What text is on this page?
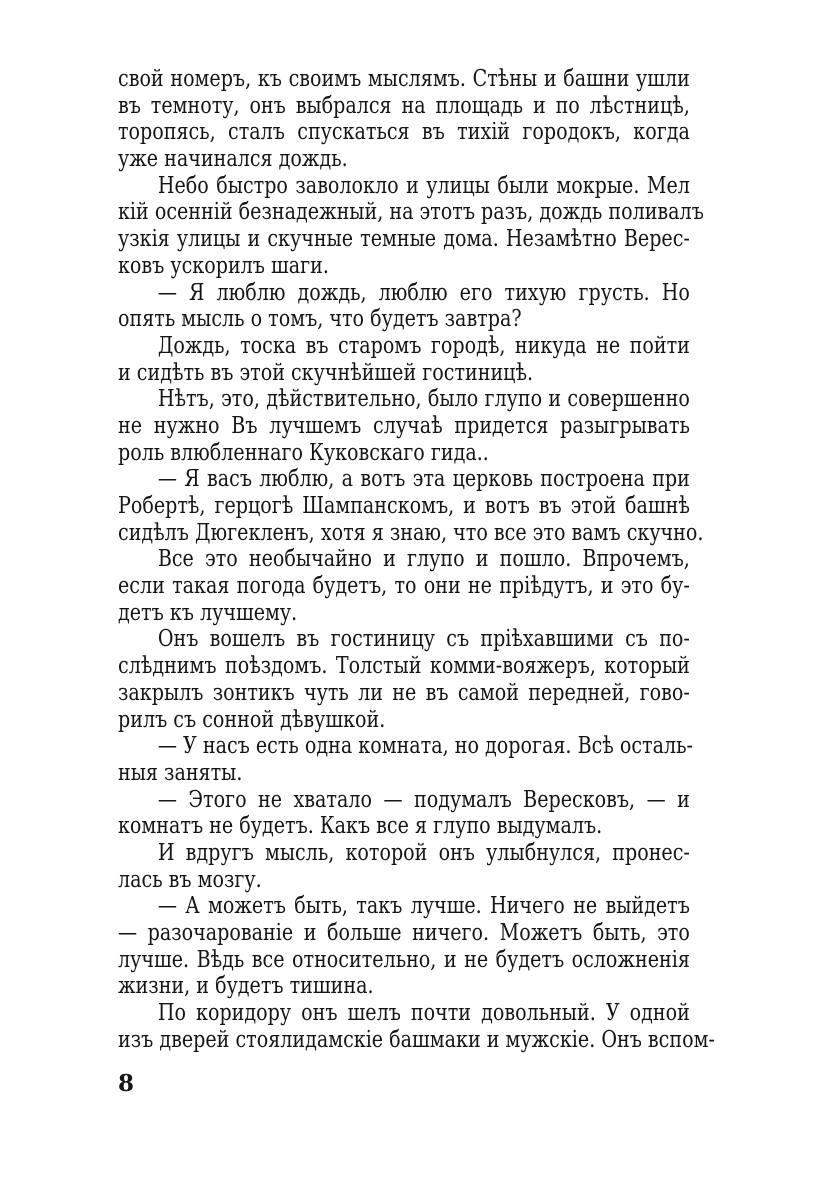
свой номеръ, къ своимъ мыслямъ. Стѣны и башни ушли
въ темноту, онъ выбрался на площадь и по лѣстницѣ,
торопясь, сталъ спускаться въ тихій городокъ, когда
уже начинался дождь.
Небо быстро заволокло и улицы были мокрые. Мел
кій осенній безнадежный, на этотъ разъ, дождь поливалъ
узкія улицы и скучные темные дома. Незамѣтно Верес-
ковъ ускорилъ шаги.
— Я люблю дождь, люблю его тихую грусть. Но
опять мысль о томъ, что будетъ завтра?
Дождь, тоска въ старомъ городѣ, никуда не пойти
и сидѣть въ этой скучнѣйшей гостиницѣ.
Нѣтъ, это, дѣйствительно, было глупо и совершенно
не нужно Въ лучшемъ случаѣ придется разыгрывать
роль влюбленнаго Куковскаго гида..
— Я васъ люблю, а вотъ эта церковь построена при
Робертѣ, герцогѣ Шампанскомъ, и вотъ въ этой башнѣ
сидѣлъ Дюгекленъ, хотя я знаю, что все это вамъ скучно.
Все это необычайно и глупо и пошло. Впрочемъ,
если такая погода будетъ, то они не пріѣдутъ, и это бу-
детъ къ лучшему.
Онъ вошелъ въ гостиницу съ пріѣхавшими съ по-
слѣднимъ поѣздомъ. Толстый комми-вояжеръ, который
закрылъ зонтикъ чуть ли не въ самой передней, гово-
рилъ съ сонной дѣвушкой.
— У насъ есть одна комната, но дорогая. Всѣ осталь-
ныя заняты.
— Этого не хватало — подумалъ Вересковъ, — и
комнатъ не будетъ. Какъ все я глупо выдумалъ.
И вдругъ мысль, которой онъ улыбнулся, пронес-
лась въ мозгу.
— А можетъ быть, такъ лучше. Ничего не выйдетъ
— разочарованіе и больше ничего. Можетъ быть, это
лучше. Вѣдь все относительно, и не будетъ осложненія
жизни, и будетъ тишина.
По коридору онъ шелъ почти довольный. У одной
изъ дверей стоялидамскіе башмаки и мужскіе. Онъ вспом-
8
